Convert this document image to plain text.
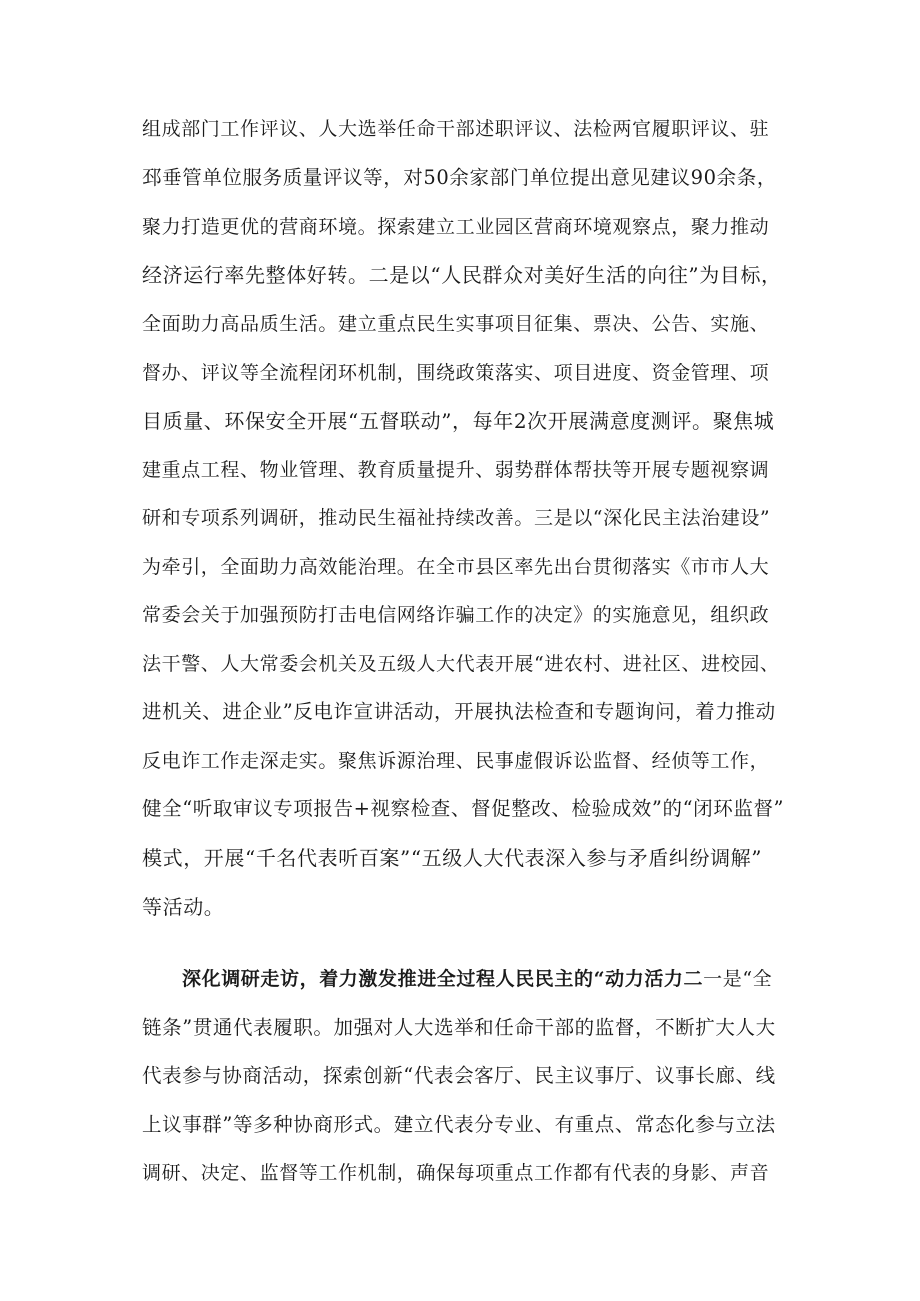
组成部门工作评议、人大选举任命干部述职评议、法检两官履职评议、驻
邳垂管单位服务质量评议等，对50余家部门单位提出意见建议90余条，
聚力打造更优的营商环境。探索建立工业园区营商环境观察点，聚力推动
经济运行率先整体好转。二是以“人民群众对美好生活的向往”为目标，
全面助力高品质生活。建立重点民生实事项目征集、票决、公告、实施、
督办、评议等全流程闭环机制，围绕政策落实、项目进度、资金管理、项
目质量、环保安全开展“五督联动”，每年2次开展满意度测评。聚焦城
建重点工程、物业管理、教育质量提升、弱势群体帮扶等开展专题视察调
研和专项系列调研，推动民生福祉持续改善。三是以“深化民主法治建设”
为牵引，全面助力高效能治理。在全市县区率先出台贯彻落实《市市人大
常委会关于加强预防打击电信网络诈骗工作的决定》的实施意见，组织政
法干警、人大常委会机关及五级人大代表开展“进农村、进社区、进校园、
进机关、进企业”反电诈宣讲活动，开展执法检查和专题询问，着力推动
反电诈工作走深走实。聚焦诉源治理、民事虚假诉讼监督、经侦等工作，
健全“听取审议专项报告+视察检查、督促整改、检验成效”的“闭环监督”
模式，开展“千名代表听百案”“五级人大代表深入参与矛盾纠纷调解”
等活动。
深化调研走访，着力激发推进全过程人民民主的“动力活力二一是“全
链条”贯通代表履职。加强对人大选举和任命干部的监督，不断扩大人大
代表参与协商活动，探索创新“代表会客厅、民主议事厅、议事长廊、线
上议事群”等多种协商形式。建立代表分专业、有重点、常态化参与立法
调研、决定、监督等工作机制，确保每项重点工作都有代表的身影、声音
